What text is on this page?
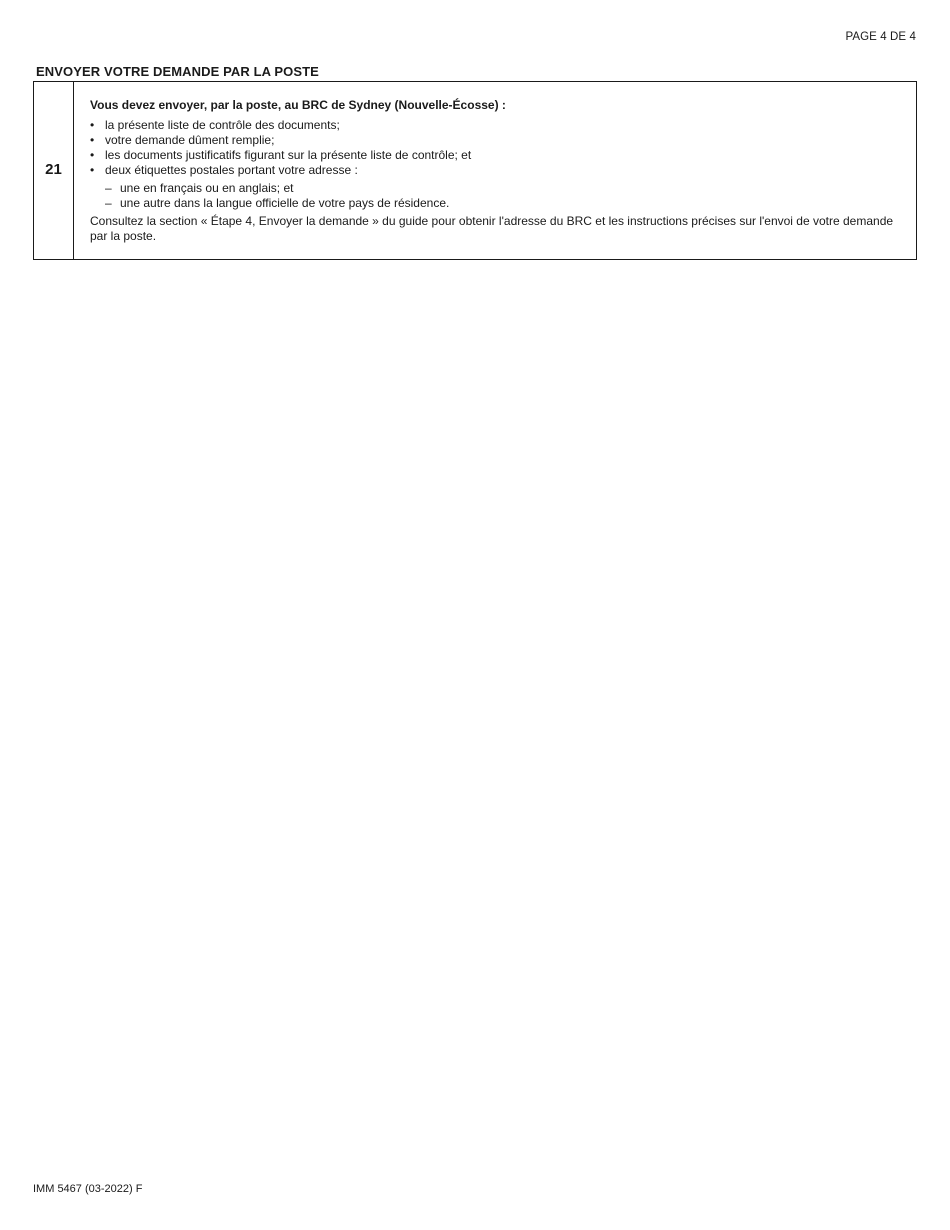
PAGE 4 DE 4
ENVOYER VOTRE DEMANDE PAR LA POSTE
21

Vous devez envoyer, par la poste, au BRC de Sydney (Nouvelle-Écosse) :

• la présente liste de contrôle des documents;
• votre demande dûment remplie;
• les documents justificatifs figurant sur la présente liste de contrôle; et
• deux étiquettes postales portant votre adresse :
– une en français ou en anglais; et
– une autre dans la langue officielle de votre pays de résidence.

Consultez la section « Étape 4, Envoyer la demande » du guide pour obtenir l'adresse du BRC et les instructions précises sur l'envoi de votre demande par la poste.

IMM 5467 (03-2022) F
